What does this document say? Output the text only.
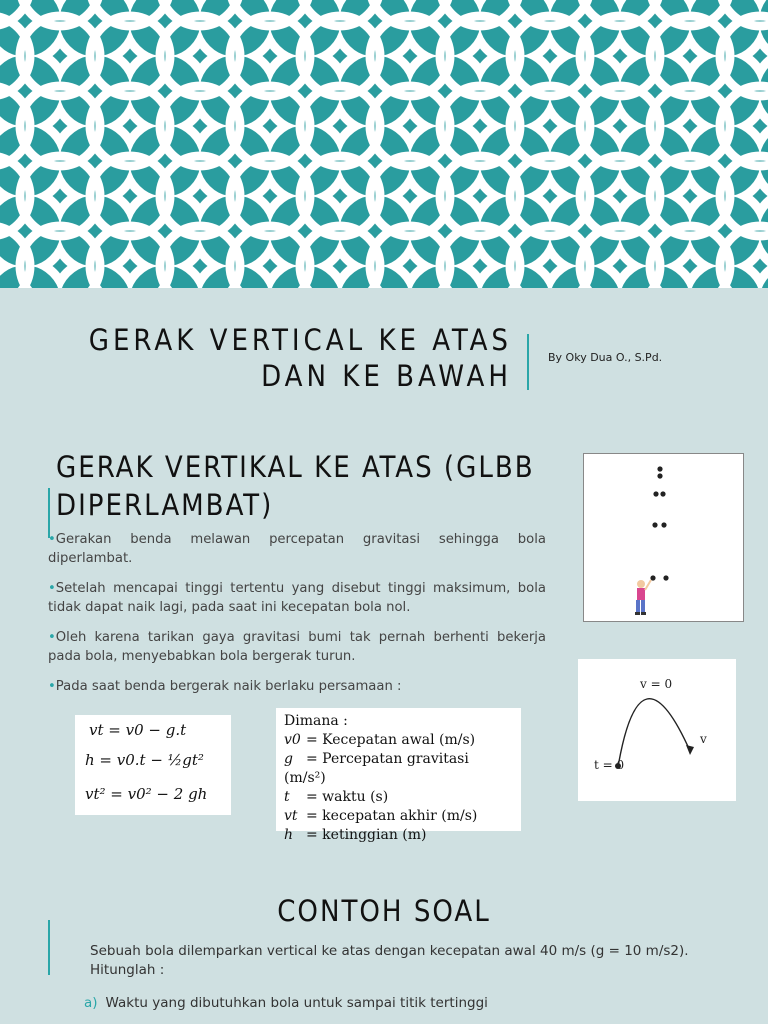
GERAK VERTICAL KE ATAS DAN KE BAWAH
By Oky Dua O., S.Pd.
GERAK VERTIKAL KE ATAS (GLBB DIPERLAMBAT)

•Gerakan benda melawan percepatan gravitasi sehingga bola diperlambat.

•Setelah mencapai tinggi tertentu yang disebut tinggi maksimum, bola tidak dapat naik lagi, pada saat ini kecepatan bola nol.

•Oleh karena tarikan gaya gravitasi bumi tak pernah berhenti bekerja pada bola, menyebabkan bola bergerak turun.

•Pada saat benda bergerak naik berlaku persamaan :

vt = v0 − g.t
h = v0.t − ½gt²
vt² = v0² − 2 gh
Dimana :
v0 = Kecepatan awal (m/s)
g = Percepatan gravitasi (m/s²)
t = waktu (s)
vt = kecepatan akhir (m/s)
h = ketinggian (m)
v = 0
v
t = 0
CONTOH SOAL
Sebuah bola dilemparkan vertical ke atas dengan kecepatan awal 40 m/s (g = 10 m/s2). Hitunglah :
a) Waktu yang dibutuhkan bola untuk sampai titik tertinggi
